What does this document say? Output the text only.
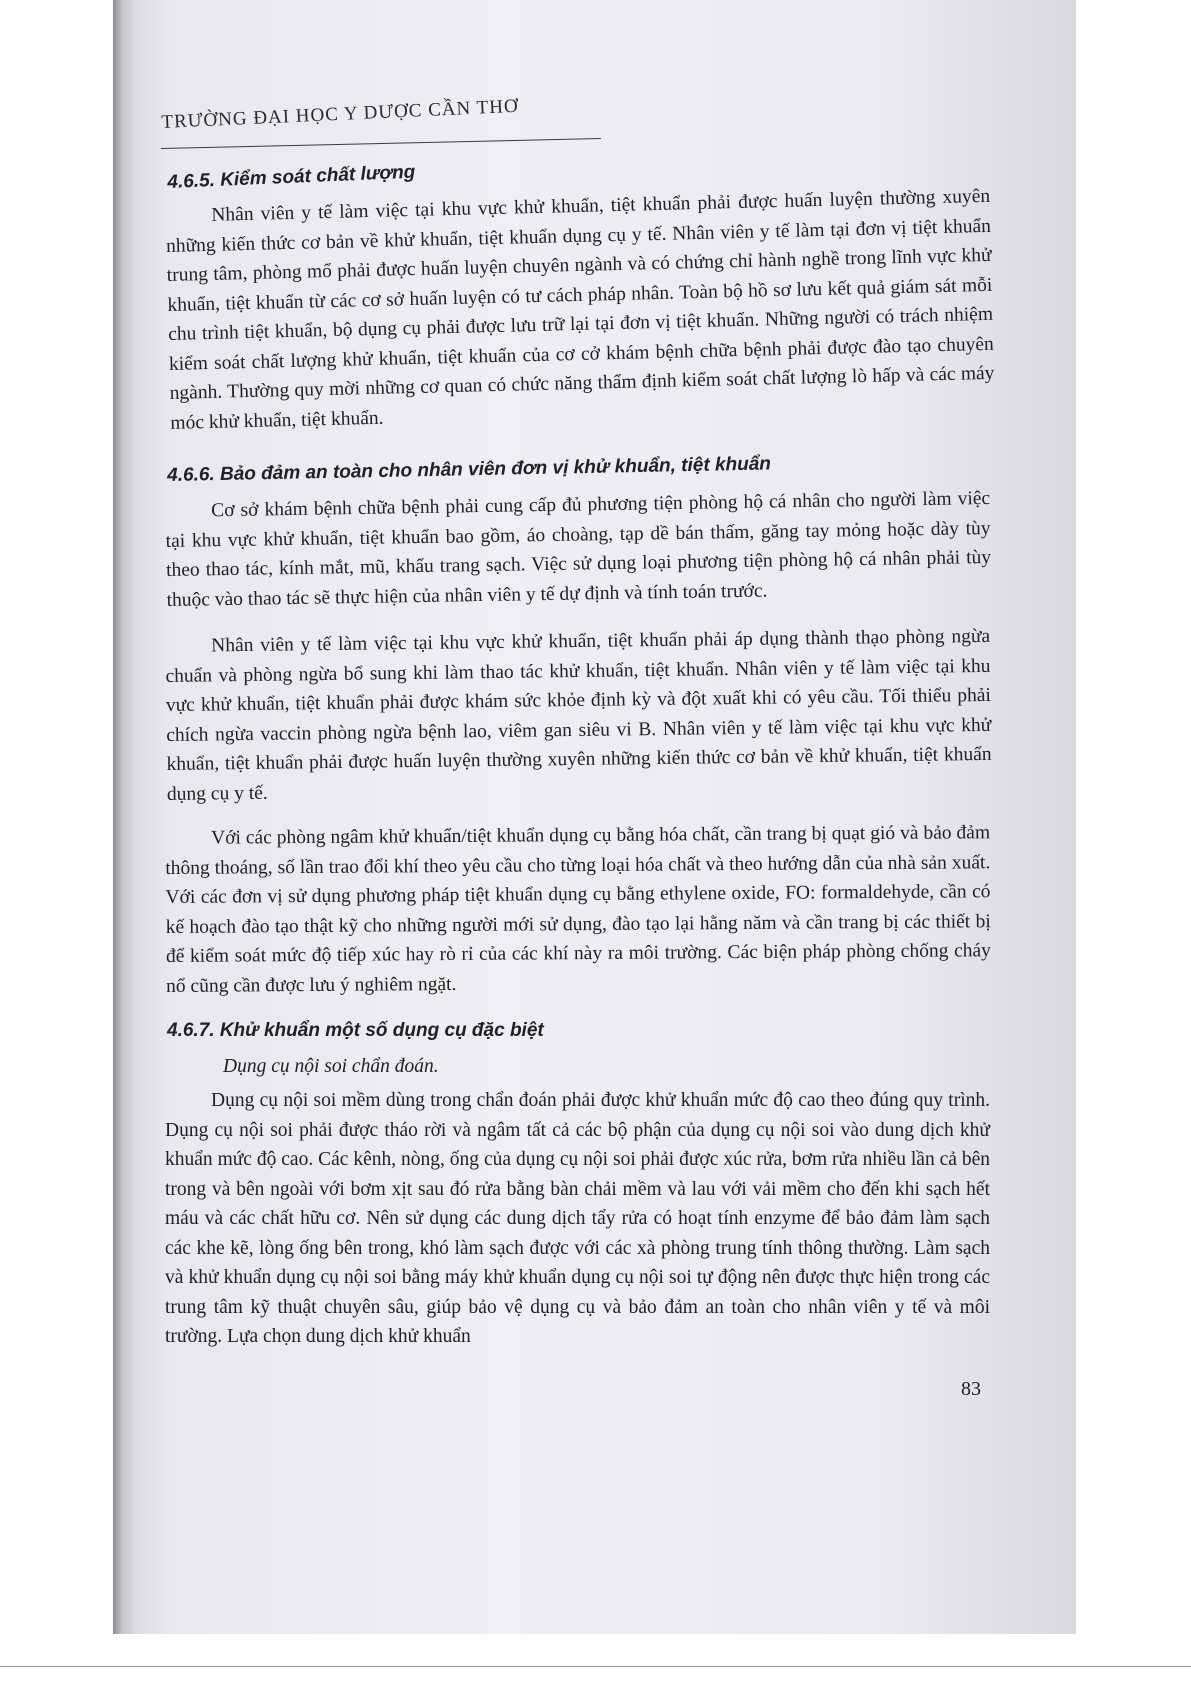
TRƯỜNG ĐẠI HỌC Y DƯỢC CẦN THƠ
4.6.5. Kiểm soát chất lượng
Nhân viên y tế làm việc tại khu vực khử khuẩn, tiệt khuẩn phải được huấn luyện thường xuyên những kiến thức cơ bản về khử khuẩn, tiệt khuẩn dụng cụ y tế. Nhân viên y tế làm tại đơn vị tiệt khuẩn trung tâm, phòng mổ phải được huấn luyện chuyên ngành và có chứng chỉ hành nghề trong lĩnh vực khử khuẩn, tiệt khuẩn từ các cơ sở huấn luyện có tư cách pháp nhân. Toàn bộ hồ sơ lưu kết quả giám sát mỗi chu trình tiệt khuẩn, bộ dụng cụ phải được lưu trữ lại tại đơn vị tiệt khuẩn. Những người có trách nhiệm kiểm soát chất lượng khử khuẩn, tiệt khuẩn của cơ cở khám bệnh chữa bệnh phải được đào tạo chuyên ngành. Thường quy mời những cơ quan có chức năng thẩm định kiểm soát chất lượng lò hấp và các máy móc khử khuẩn, tiệt khuẩn.
4.6.6. Bảo đảm an toàn cho nhân viên đơn vị khử khuẩn, tiệt khuẩn
Cơ sở khám bệnh chữa bệnh phải cung cấp đủ phương tiện phòng hộ cá nhân cho người làm việc tại khu vực khử khuẩn, tiệt khuẩn bao gồm, áo choàng, tạp dề bán thấm, găng tay mỏng hoặc dày tùy theo thao tác, kính mắt, mũ, khẩu trang sạch. Việc sử dụng loại phương tiện phòng hộ cá nhân phải tùy thuộc vào thao tác sẽ thực hiện của nhân viên y tế dự định và tính toán trước.
Nhân viên y tế làm việc tại khu vực khử khuẩn, tiệt khuẩn phải áp dụng thành thạo phòng ngừa chuẩn và phòng ngừa bổ sung khi làm thao tác khử khuẩn, tiệt khuẩn. Nhân viên y tế làm việc tại khu vực khử khuẩn, tiệt khuẩn phải được khám sức khỏe định kỳ và đột xuất khi có yêu cầu. Tối thiểu phải chích ngừa vaccin phòng ngừa bệnh lao, viêm gan siêu vi B. Nhân viên y tế làm việc tại khu vực khử khuẩn, tiệt khuẩn phải được huấn luyện thường xuyên những kiến thức cơ bản về khử khuẩn, tiệt khuẩn dụng cụ y tế.
Với các phòng ngâm khử khuẩn/tiệt khuẩn dụng cụ bằng hóa chất, cần trang bị quạt gió và bảo đảm thông thoáng, số lần trao đổi khí theo yêu cầu cho từng loại hóa chất và theo hướng dẫn của nhà sản xuất. Với các đơn vị sử dụng phương pháp tiệt khuẩn dụng cụ bằng ethylene oxide, FO: formaldehyde, cần có kế hoạch đào tạo thật kỹ cho những người mới sử dụng, đào tạo lại hằng năm và cần trang bị các thiết bị để kiểm soát mức độ tiếp xúc hay rò rỉ của các khí này ra môi trường. Các biện pháp phòng chống cháy nổ cũng cần được lưu ý nghiêm ngặt.
4.6.7. Khử khuẩn một số dụng cụ đặc biệt
Dụng cụ nội soi chẩn đoán.
Dụng cụ nội soi mềm dùng trong chẩn đoán phải được khử khuẩn mức độ cao theo đúng quy trình. Dụng cụ nội soi phải được tháo rời và ngâm tất cả các bộ phận của dụng cụ nội soi vào dung dịch khử khuẩn mức độ cao. Các kênh, nòng, ống của dụng cụ nội soi phải được xúc rửa, bơm rửa nhiều lần cả bên trong và bên ngoài với bơm xịt sau đó rửa bằng bàn chải mềm và lau với vải mềm cho đến khi sạch hết máu và các chất hữu cơ. Nên sử dụng các dung dịch tẩy rửa có hoạt tính enzyme để bảo đảm làm sạch các khe kẽ, lòng ống bên trong, khó làm sạch được với các xà phòng trung tính thông thường. Làm sạch và khử khuẩn dụng cụ nội soi bằng máy khử khuẩn dụng cụ nội soi tự động nên được thực hiện trong các trung tâm kỹ thuật chuyên sâu, giúp bảo vệ dụng cụ và bảo đảm an toàn cho nhân viên y tế và môi trường. Lựa chọn dung dịch khử khuẩn
83
